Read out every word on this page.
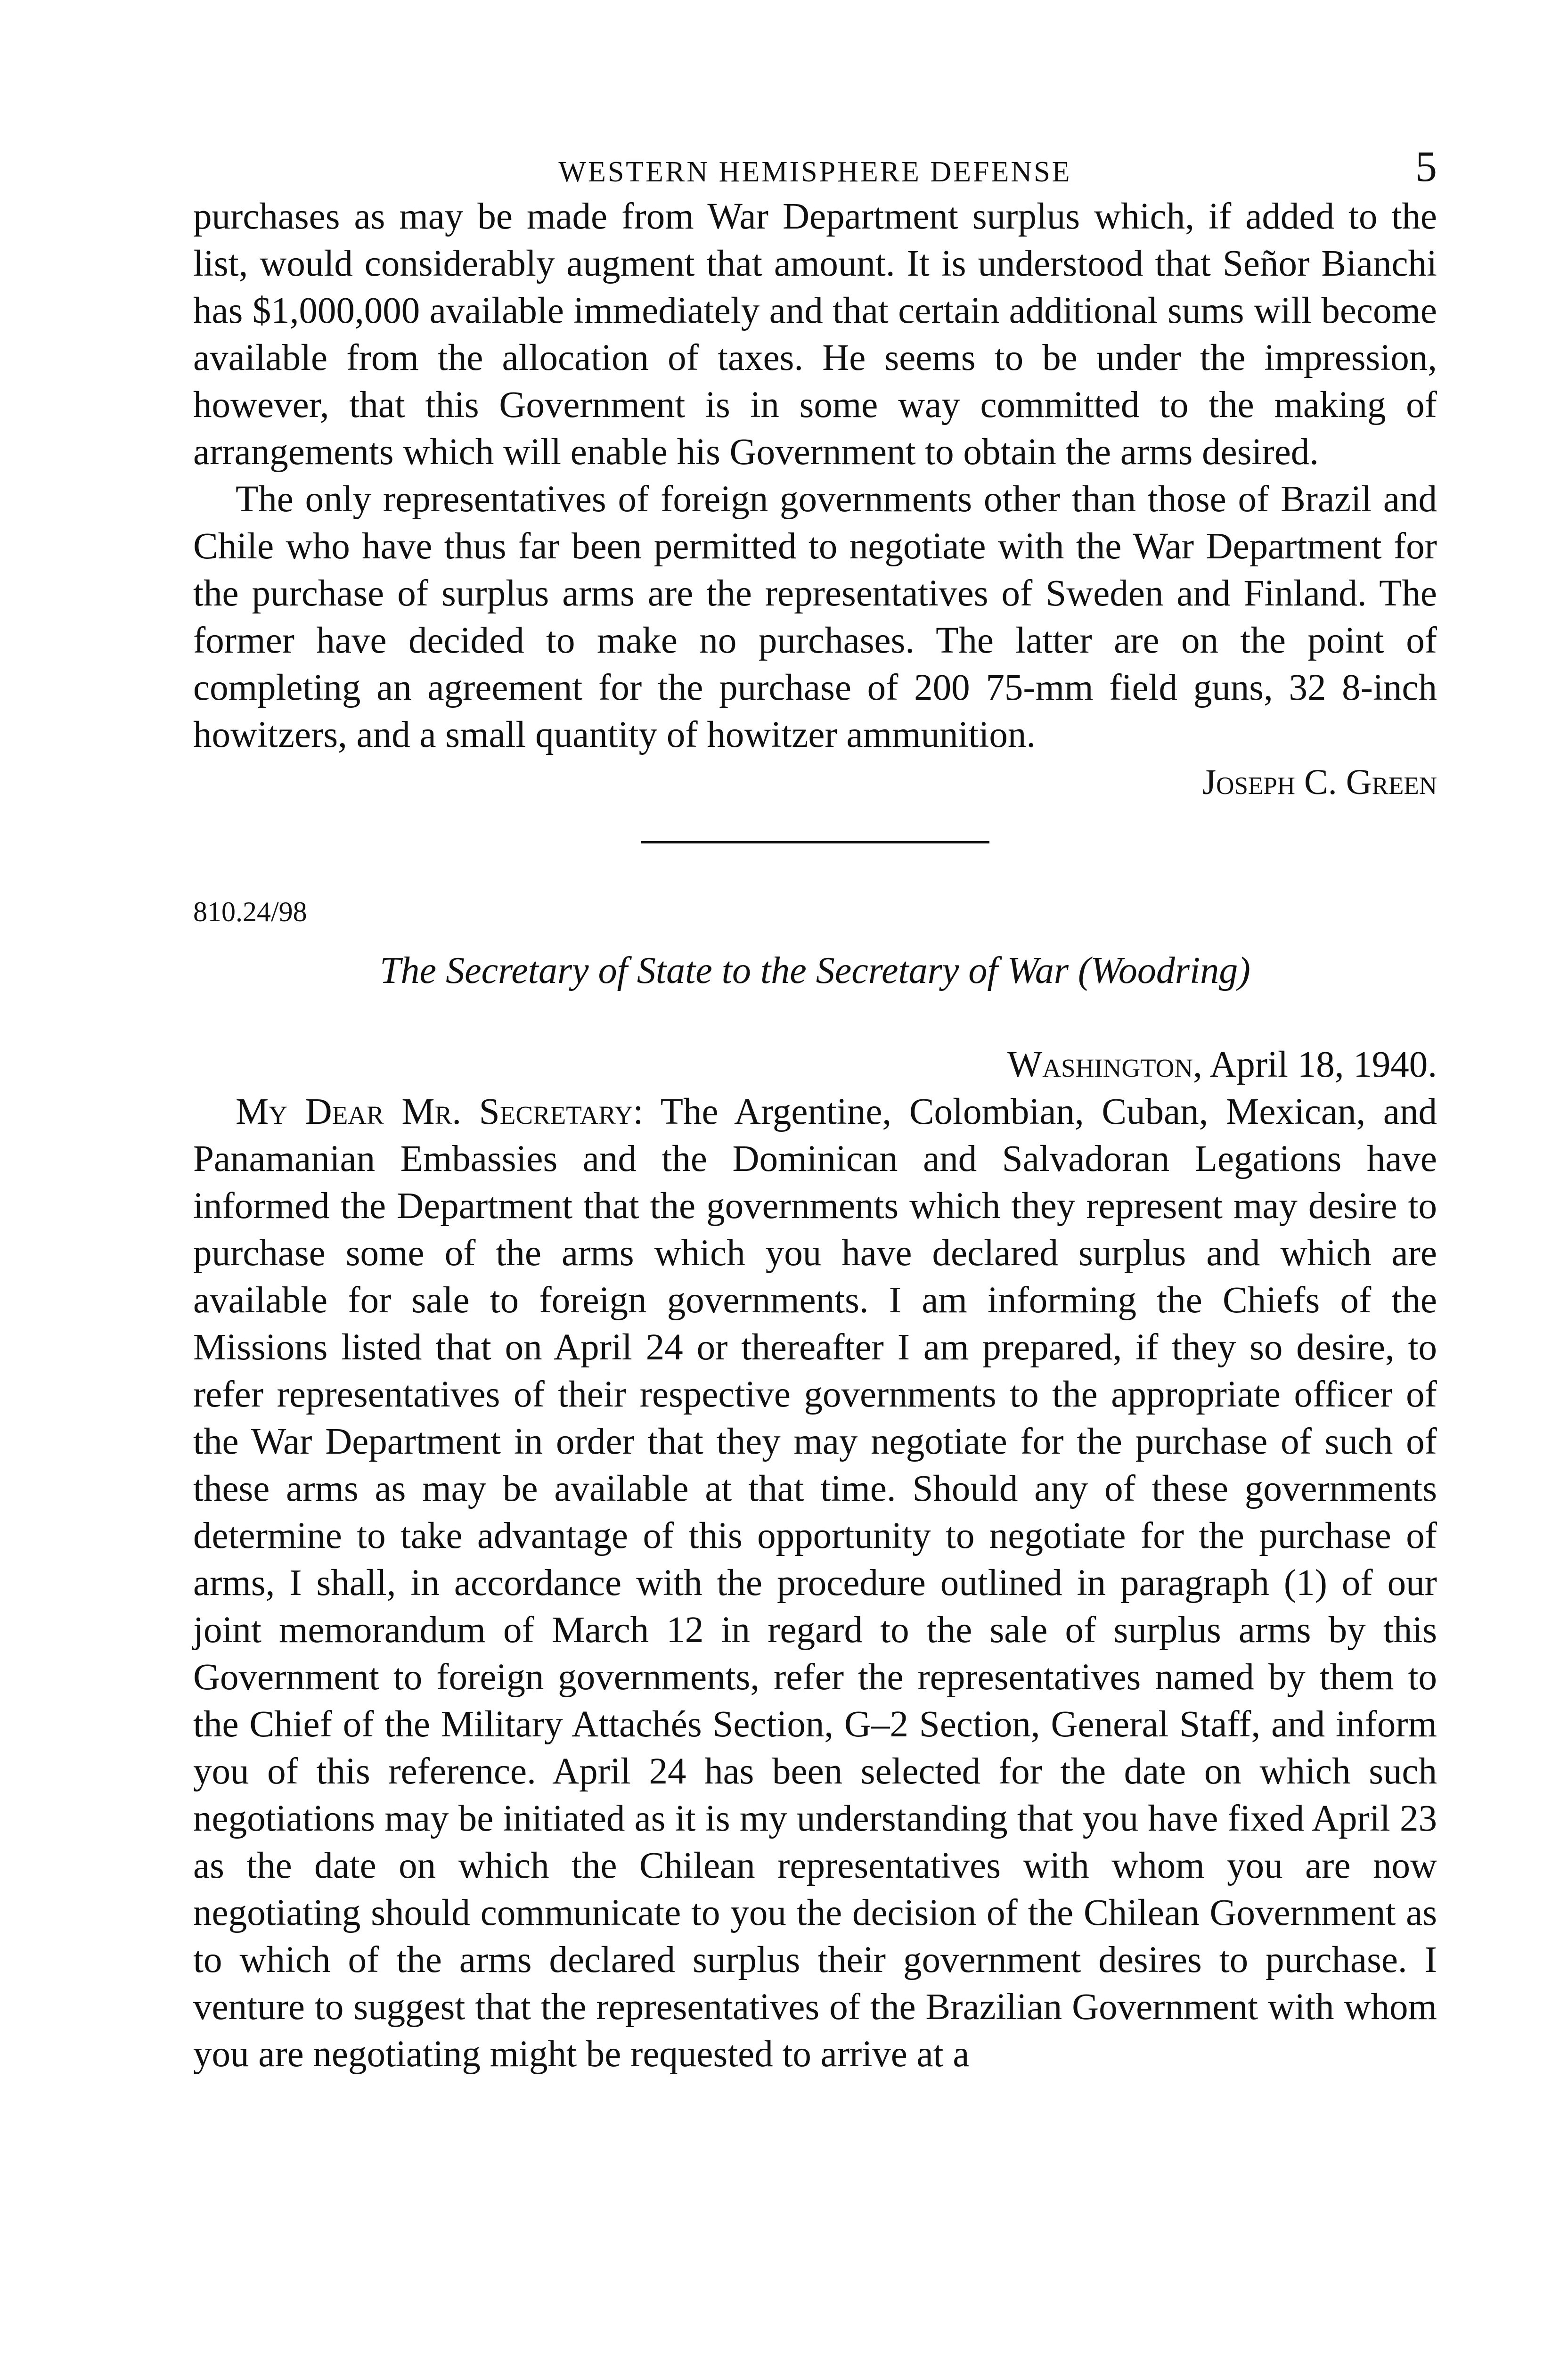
WESTERN HEMISPHERE DEFENSE	5

purchases as may be made from War Department surplus which, if added to the list, would considerably augment that amount. It is understood that Señor Bianchi has $1,000,000 available immediately and that certain additional sums will become available from the allocation of taxes. He seems to be under the impression, however, that this Government is in some way committed to the making of arrangements which will enable his Government to obtain the arms desired.

The only representatives of foreign governments other than those of Brazil and Chile who have thus far been permitted to negotiate with the War Department for the purchase of surplus arms are the representatives of Sweden and Finland. The former have decided to make no purchases. The latter are on the point of completing an agreement for the purchase of 200 75-mm field guns, 32 8-inch howitzers, and a small quantity of howitzer ammunition.

Joseph C. Green

810.24/98
The Secretary of State to the Secretary of War (Woodring)
Washington, April 18, 1940.

My Dear Mr. Secretary: The Argentine, Colombian, Cuban, Mexican, and Panamanian Embassies and the Dominican and Salvadoran Legations have informed the Department that the governments which they represent may desire to purchase some of the arms which you have declared surplus and which are available for sale to foreign governments. I am informing the Chiefs of the Missions listed that on April 24 or thereafter I am prepared, if they so desire, to refer representatives of their respective governments to the appropriate officer of the War Department in order that they may negotiate for the purchase of such of these arms as may be available at that time. Should any of these governments determine to take advantage of this opportunity to negotiate for the purchase of arms, I shall, in accordance with the procedure outlined in paragraph (1) of our joint memorandum of March 12 in regard to the sale of surplus arms by this Government to foreign governments, refer the representatives named by them to the Chief of the Military Attachés Section, G–2 Section, General Staff, and inform you of this reference. April 24 has been selected for the date on which such negotiations may be initiated as it is my understanding that you have fixed April 23 as the date on which the Chilean representatives with whom you are now negotiating should communicate to you the decision of the Chilean Government as to which of the arms declared surplus their government desires to purchase. I venture to suggest that the representatives of the Brazilian Government with whom you are negotiating might be requested to arrive at a
